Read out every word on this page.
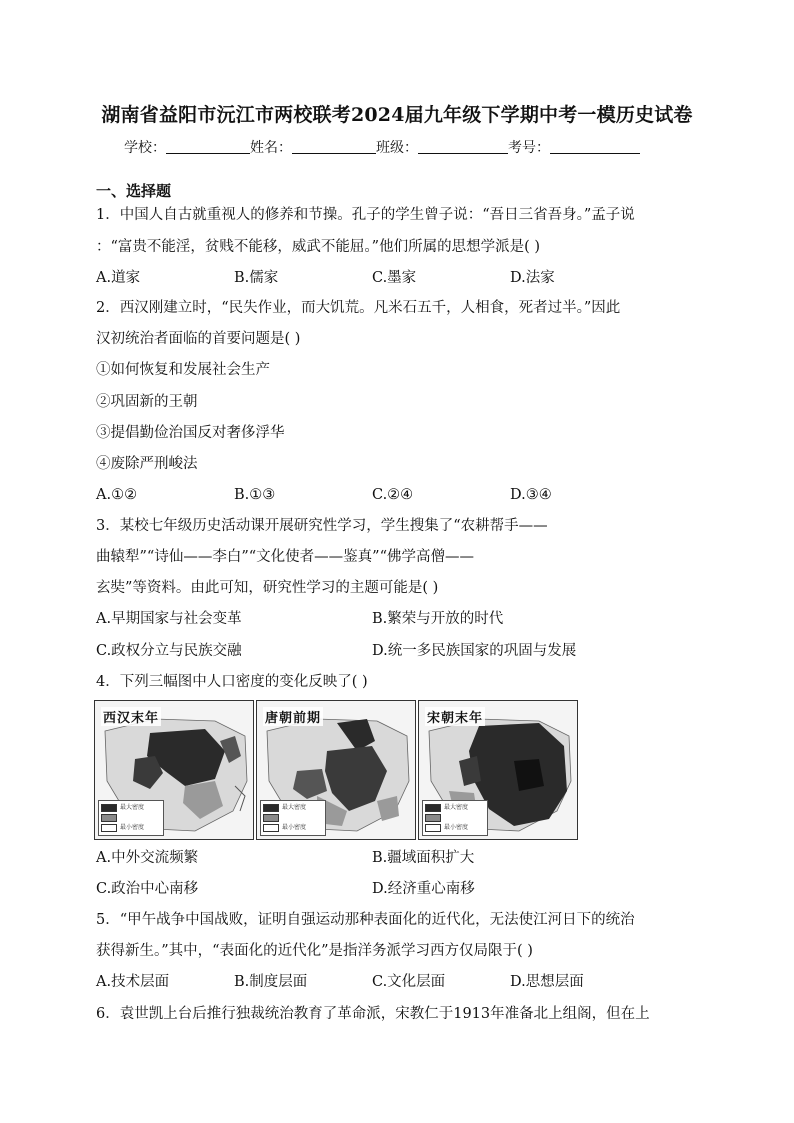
湖南省益阳市沅江市两校联考2024届九年级下学期中考一模历史试卷
学校：	姓名：	班级：	考号：
一、选择题
1．中国人自古就重视人的修养和节操。孔子的学生曾子说：“吾日三省吾身。”孟子说
：“富贵不能淫，贫贱不能移，威武不能屈。”他们所属的思想学派是( )
A.道家	B.儒家	C.墨家	D.法家
2．西汉刚建立时，“民失作业，而大饥荒。凡米石五千，人相食，死者过半。”因此
汉初统治者面临的首要问题是( )
①如何恢复和发展社会生产
②巩固新的王朝
③提倡勤俭治国反对奢侈浮华
④废除严刑峻法
A.①②	B.①③	C.②④	D.③④
3．某校七年级历史活动课开展研究性学习，学生搜集了“农耕帮手——
曲辕犁”“诗仙——李白”“文化使者——鉴真”“佛学高僧——
玄奘”等资料。由此可知，研究性学习的主题可能是( )
A.早期国家与社会变革	B.繁荣与开放的时代
C.政权分立与民族交融	D.统一多民族国家的巩固与发展
4．下列三幅图中人口密度的变化反映了( )
西汉末年
最大密度
最小密度
唐朝前期
最大密度
最小密度
宋朝末年
最大密度
最小密度
A.中外交流频繁	B.疆域面积扩大
C.政治中心南移	D.经济重心南移
5．“甲午战争中国战败，证明自强运动那种表面化的近代化，无法使江河日下的统治
获得新生。”其中，“表面化的近代化”是指洋务派学习西方仅局限于( )
A.技术层面	B.制度层面	C.文化层面	D.思想层面
6．袁世凯上台后推行独裁统治教育了革命派，宋教仁于1913年准备北上组阁，但在上
